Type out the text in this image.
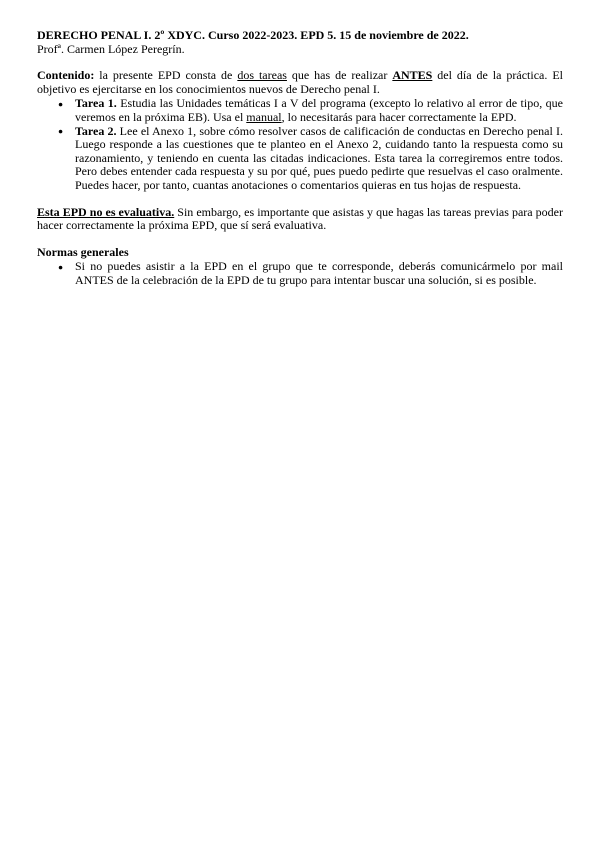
DERECHO PENAL I. 2º XDYC. Curso 2022-2023. EPD 5. 15 de noviembre de 2022.

Profª. Carmen López Peregrín.

Contenido: la presente EPD consta de dos tareas que has de realizar ANTES del día de la práctica. El objetivo es ejercitarse en los conocimientos nuevos de Derecho penal I.

● Tarea 1. Estudia las Unidades temáticas I a V del programa (excepto lo relativo al error de tipo, que veremos en la próxima EB). Usa el manual, lo necesitarás para hacer correctamente la EPD.
● Tarea 2. Lee el Anexo 1, sobre cómo resolver casos de calificación de conductas en Derecho penal I. Luego responde a las cuestiones que te planteo en el Anexo 2, cuidando tanto la respuesta como su razonamiento, y teniendo en cuenta las citadas indicaciones. Esta tarea la corregiremos entre todos. Pero debes entender cada respuesta y su por qué, pues puedo pedirte que resuelvas el caso oralmente. Puedes hacer, por tanto, cuantas anotaciones o comentarios quieras en tus hojas de respuesta.

Esta EPD no es evaluativa. Sin embargo, es importante que asistas y que hagas las tareas previas para poder hacer correctamente la próxima EPD, que sí será evaluativa.

Normas generales

● Si no puedes asistir a la EPD en el grupo que te corresponde, deberás comunicármelo por mail ANTES de la celebración de la EPD de tu grupo para intentar buscar una solución, si es posible.
